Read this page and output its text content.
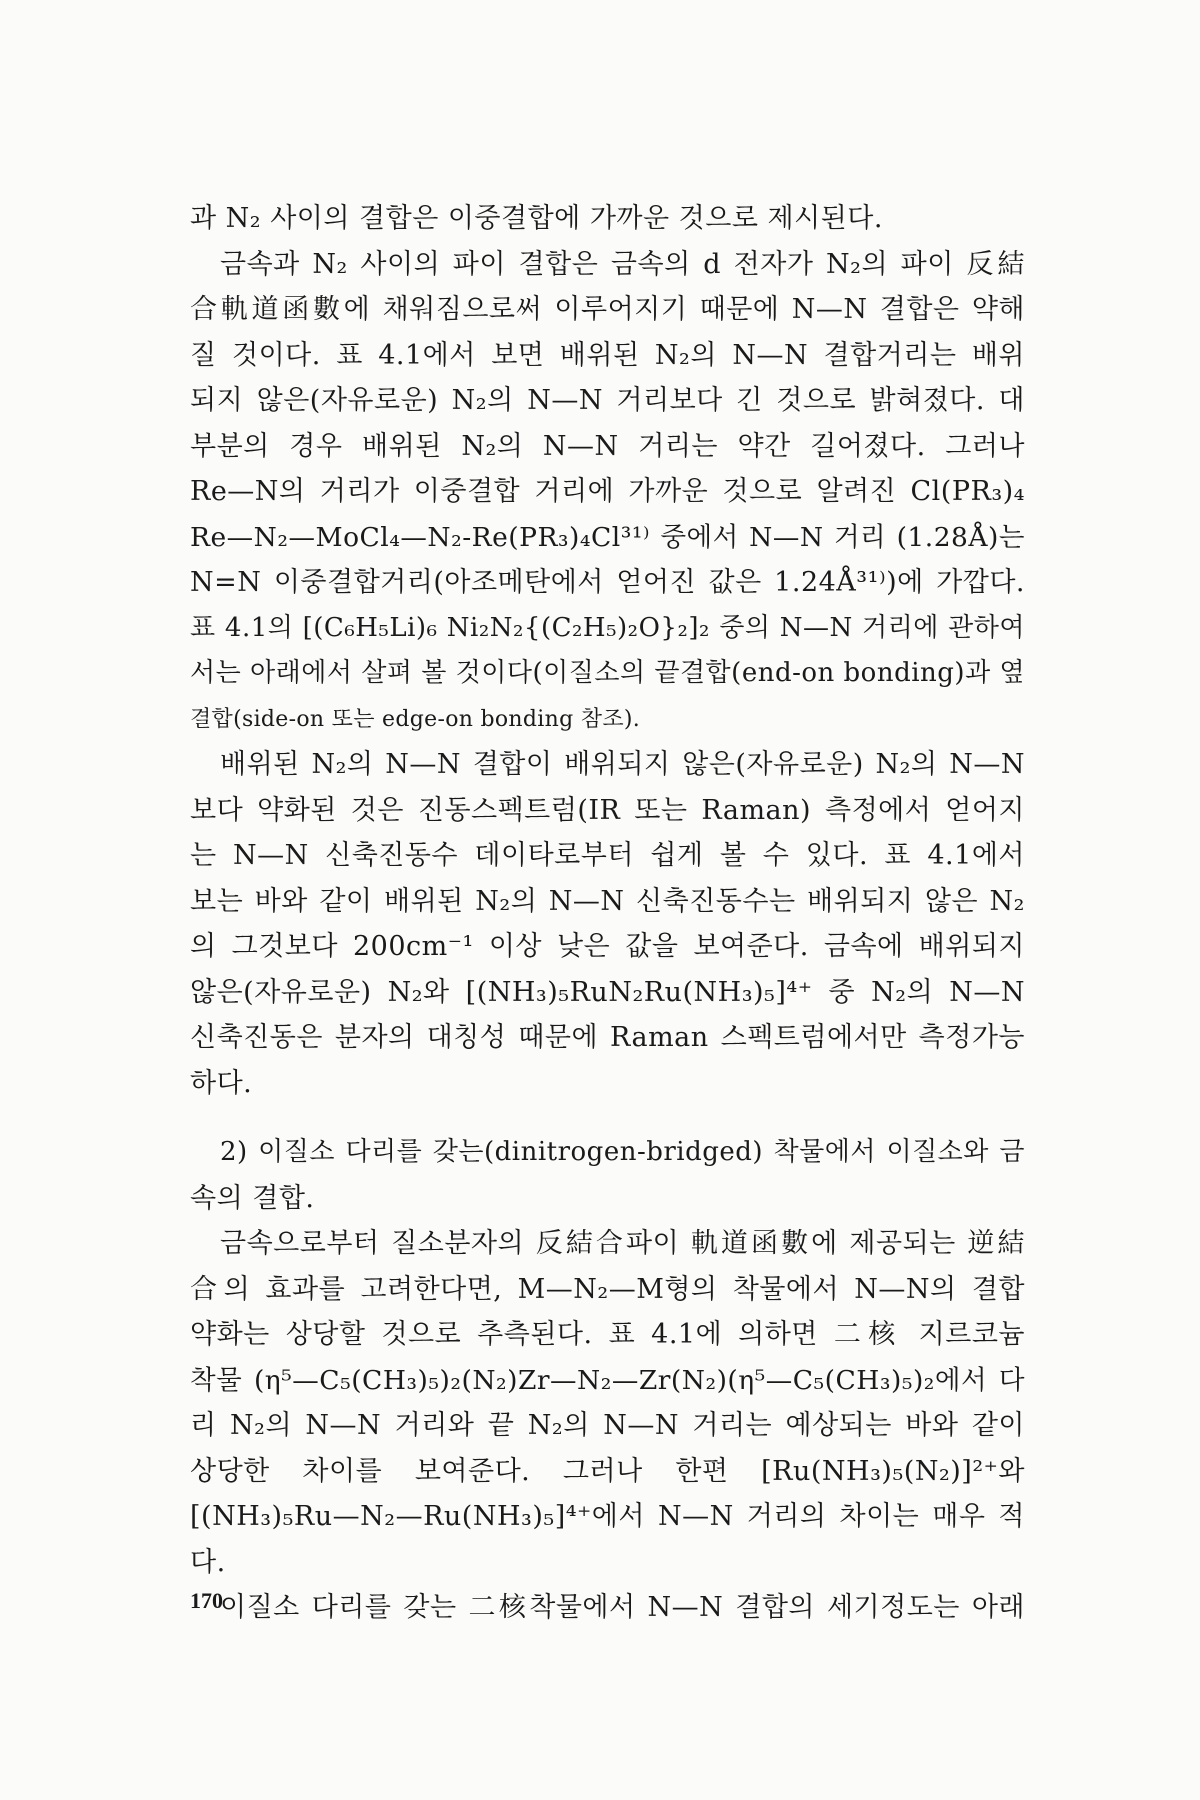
과 N₂ 사이의 결합은 이중결합에 가까운 것으로 제시된다.
금속과 N₂ 사이의 파이 결합은 금속의 d 전자가 N₂의 파이 反結
合軌道函數에 채워짐으로써 이루어지기 때문에 N—N 결합은 약해
질 것이다. 표 4.1에서 보면 배위된 N₂의 N—N 결합거리는 배위
되지 않은(자유로운) N₂의 N—N 거리보다 긴 것으로 밝혀졌다. 대
부분의 경우 배위된 N₂의 N—N 거리는 약간 길어졌다. 그러나
Re—N의 거리가 이중결합 거리에 가까운 것으로 알려진 Cl(PR₃)₄
Re—N₂—MoCl₄—N₂-Re(PR₃)₄Cl³¹⁾ 중에서 N—N 거리 (1.28Å)는
N=N 이중결합거리(아조메탄에서 얻어진 값은 1.24Å³¹⁾)에 가깝다.
표 4.1의 [(C₆H₅Li)₆ Ni₂N₂{(C₂H₅)₂O}₂]₂ 중의 N—N 거리에 관하여
서는 아래에서 살펴 볼 것이다(이질소의 끝결합(end-on bonding)과 옆
결합(side-on 또는 edge-on bonding 참조).
배위된 N₂의 N—N 결합이 배위되지 않은(자유로운) N₂의 N—N
보다 약화된 것은 진동스펙트럼(IR 또는 Raman) 측정에서 얻어지
는 N—N 신축진동수 데이타로부터 쉽게 볼 수 있다. 표 4.1에서
보는 바와 같이 배위된 N₂의 N—N 신축진동수는 배위되지 않은 N₂
의 그것보다 200cm⁻¹ 이상 낮은 값을 보여준다. 금속에 배위되지
않은(자유로운) N₂와 [(NH₃)₅RuN₂Ru(NH₃)₅]⁴⁺ 중 N₂의 N—N
신축진동은 분자의 대칭성 때문에 Raman 스펙트럼에서만 측정가능
하다.
2) 이질소 다리를 갖는(dinitrogen-bridged) 착물에서 이질소와 금
속의 결합.
금속으로부터 질소분자의 反結合파이 軌道函數에 제공되는 逆結
合의 효과를 고려한다면, M—N₂—M형의 착물에서 N—N의 결합
약화는 상당할 것으로 추측된다. 표 4.1에 의하면 二核 지르코늄
착물 (η⁵—C₅(CH₃)₅)₂(N₂)Zr—N₂—Zr(N₂)(η⁵—C₅(CH₃)₅)₂에서 다
리 N₂의 N—N 거리와 끝 N₂의 N—N 거리는 예상되는 바와 같이
상당한 차이를 보여준다. 그러나 한편 [Ru(NH₃)₅(N₂)]²⁺와
[(NH₃)₅Ru—N₂—Ru(NH₃)₅]⁴⁺에서 N—N 거리의 차이는 매우 적
다.
이질소 다리를 갖는 二核착물에서 N—N 결합의 세기정도는 아래
170
